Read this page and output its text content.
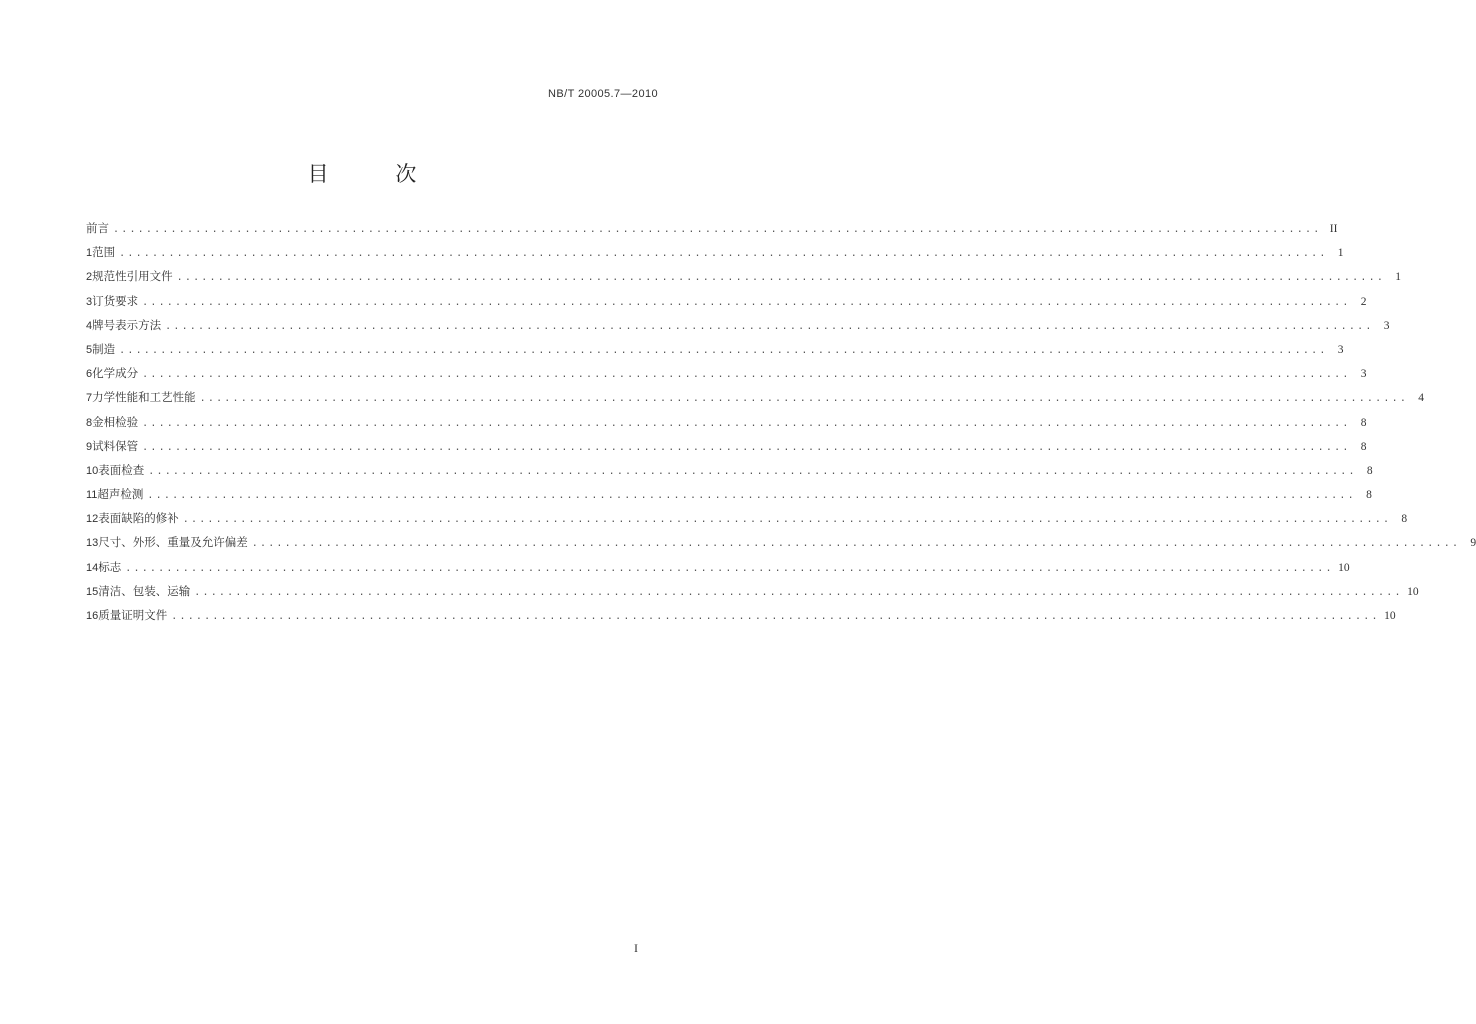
NB/T 20005.7—2010
目 次
前言 ................................................................................................................................................... II
1 范围 ................................................................................................................................................... 1
2 规范性引用文件 ................................................................................................................................................... 1
3 订货要求 ................................................................................................................................................... 2
4 牌号表示方法 ................................................................................................................................................... 3
5 制造 ................................................................................................................................................... 3
6 化学成分 ................................................................................................................................................... 3
7 力学性能和工艺性能 ................................................................................................................................................... 4
8 金相检验 ................................................................................................................................................... 8
9 试料保管 ................................................................................................................................................... 8
10 表面检查 ................................................................................................................................................... 8
11 超声检测 ................................................................................................................................................... 8
12 表面缺陷的修补 ................................................................................................................................................... 8
13 尺寸、外形、重量及允许偏差 ................................................................................................................................................... 9
14 标志 ................................................................................................................................................... 10
15 清洁、包装、运输 ................................................................................................................................................... 10
16 质量证明文件 ................................................................................................................................................... 10
I
